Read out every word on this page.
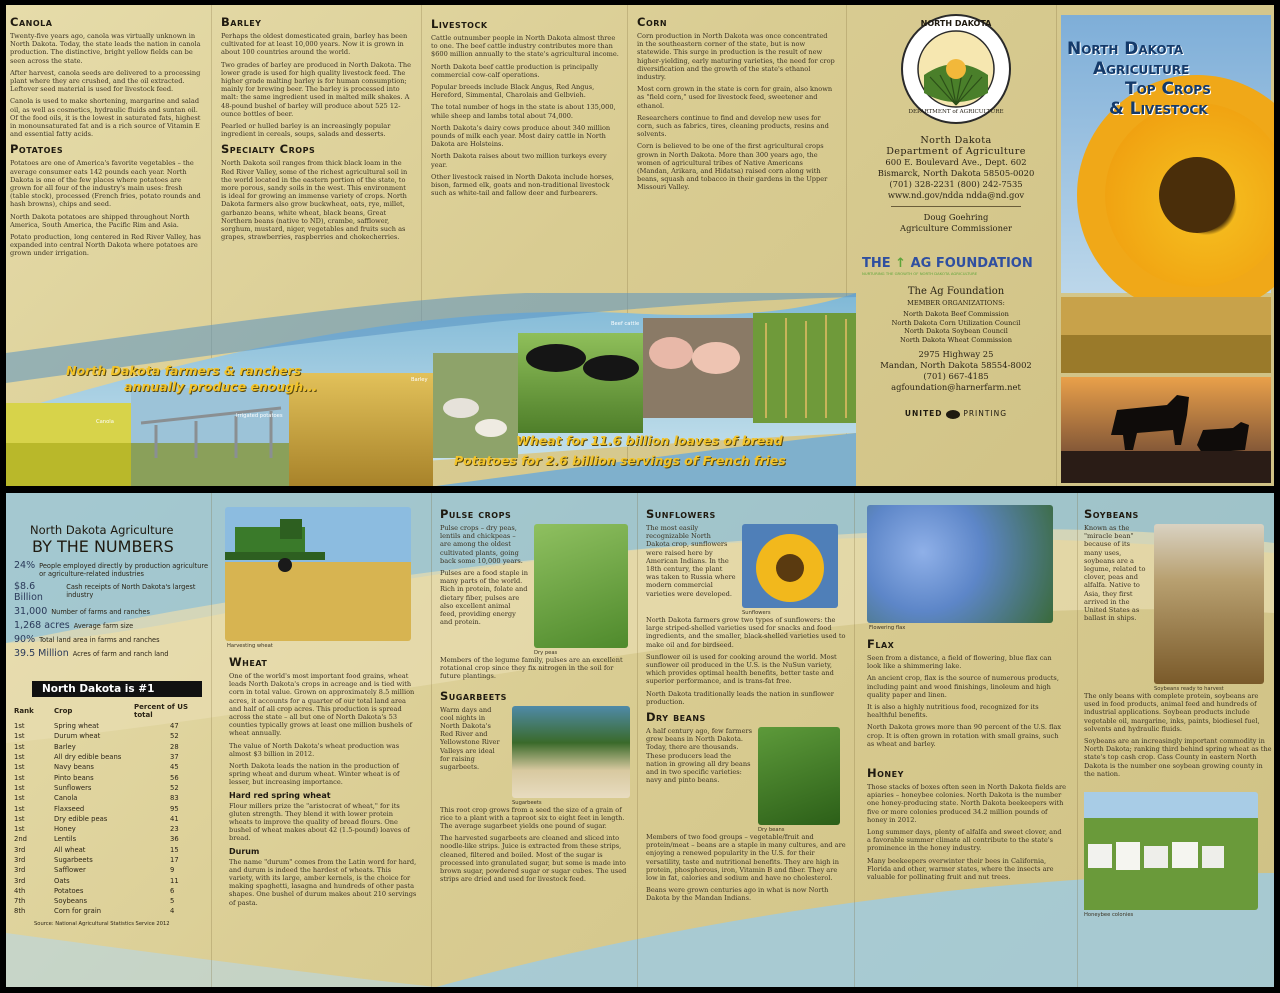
Canola
Twenty-five years ago, canola was virtually unknown in North Dakota. Today, the state leads the nation in canola production. The distinctive, bright yellow fields can be seen across the state.
After harvest, canola seeds are delivered to a processing plant where they are crushed, and the oil extracted. Leftover seed material is used for livestock feed.
Canola is used to make shortening, margarine and salad oil, as well as cosmetics, hydraulic fluids and suntan oil. Of the food oils, it is the lowest in saturated fats, highest in monounsaturated fat and is a rich source of Vitamin E and essential fatty acids.
Potatoes
Potatoes are one of America's favorite vegetables – the average consumer eats 142 pounds each year. North Dakota is one of the few places where potatoes are grown for all four of the industry's main uses: fresh (table stock), processed (French fries, potato rounds and hash browns), chips and seed.
North Dakota potatoes are shipped throughout North America, South America, the Pacific Rim and Asia.
Potato production, long centered in Red River Valley, has expanded into central North Dakota where potatoes are grown under irrigation.
Barley
Perhaps the oldest domesticated grain, barley has been cultivated for at least 10,000 years. Now it is grown in about 100 countries around the world.
Two grades of barley are produced in North Dakota. The lower grade is used for high quality livestock feed. The higher grade malting barley is for human consumption; mainly for brewing beer. The barley is processed into malt: the same ingredient used in malted milk shakes. A 48-pound bushel of barley will produce about 525 12-ounce bottles of beer.
Pearled or hulled barley is an increasingly popular ingredient in cereals, soups, salads and desserts.
Specialty Crops
North Dakota soil ranges from thick black loam in the Red River Valley, some of the richest agricultural soil in the world located in the eastern portion of the state, to more porous, sandy soils in the west. This environment is ideal for growing an immense variety of crops. North Dakota farmers also grow buckwheat, oats, rye, millet, garbanzo beans, white wheat, black beans, Great Northern beans (native to ND), crambe, safflower, sorghum, mustard, niger, vegetables and fruits such as grapes, strawberries, raspberries and chokecherries.
Livestock
Cattle outnumber people in North Dakota almost three to one. The beef cattle industry contributes more than $600 million annually to the state's agricultural income.
North Dakota beef cattle production is principally commercial cow-calf operations.
Popular breeds include Black Angus, Red Angus, Hereford, Simmental, Charolais and Gelbvieh.
The total number of hogs in the state is about 135,000, while sheep and lambs total about 74,000.
North Dakota's dairy cows produce about 340 million pounds of milk each year. Most dairy cattle in North Dakota are Holsteins.
North Dakota raises about two million turkeys every year.
Other livestock raised in North Dakota include horses, bison, farmed elk, goats and non-traditional livestock such as white-tail and fallow deer and furbearers.
Corn
Corn production in North Dakota was once concentrated in the southeastern corner of the state, but is now statewide. This surge in production is the result of new higher-yielding, early maturing varieties, the need for crop diversification and the growth of the state's ethanol industry.
Most corn grown in the state is corn for grain, also known as "field corn," used for livestock feed, sweetener and ethanol.
Researchers continue to find and develop new uses for corn, such as fabrics, tires, cleaning products, resins and solvents.
Corn is believed to be one of the first agricultural crops grown in North Dakota. More than 300 years ago, the women of agricultural tribes of Native Americans (Mandan, Arikara, and Hidatsa) raised corn along with beans, squash and tobacco in their gardens in the Upper Missouri Valley.
North Dakota farmers & ranchers
annually produce enough...
Wheat for 11.6 billion loaves of bread
Potatoes for 2.6 billion servings of French fries
Canola
Irrigated potatoes
Barley
Beef cattle
NORTH DAKOTA
DEPARTMENT of AGRICULTURE
North Dakota
Department of Agriculture
600 E. Boulevard Ave., Dept. 602
Bismarck, North Dakota 58505-0020
(701) 328-2231 (800) 242-7535
www.nd.gov/ndda ndda@nd.gov
Doug Goehring
Agriculture Commissioner
THE ↑ AG FOUNDATION
NURTURING THE GROWTH OF NORTH DAKOTA AGRICULTURE
The Ag Foundation
MEMBER ORGANIZATIONS:
North Dakota Beef Commission
North Dakota Corn Utilization Council
North Dakota Soybean Council
North Dakota Wheat Commission
2975 Highway 25
Mandan, North Dakota 58554-8002
(701) 667-4185
agfoundation@harnerfarm.net
UNITED	PRINTING
North Dakota
Agriculture
Top Crops
& Livestock
North Dakota Agriculture
BY THE NUMBERS
24% People employed directly by production agriculture or agriculture-related industries
$8.6 Billion
Cash receipts of North Dakota's largest industry
31,000 Number of farms and ranches
1,268 acres Average farm size
90% Total land area in farms and ranches
39.5 Million Acres of farm and ranch land
North Dakota is #1
Rank	Crop	Percent of US total
1st	Spring wheat	47
1st	Durum wheat	52
1st	Barley	28
1st	All dry edible beans	37
1st	Navy beans	45
1st	Pinto beans	56
1st	Sunflowers	52
1st	Canola	83
1st	Flaxseed	95
1st	Dry edible peas	41
1st	Honey	23
2nd	Lentils	36
3rd	All wheat	15
3rd	Sugarbeets	17
3rd	Safflower	9
3rd	Oats	11
4th	Potatoes	6
7th	Soybeans	5
8th	Corn for grain	4
Source: National Agricultural Statistics Service 2012
Harvesting wheat
Wheat
One of the world's most important food grains, wheat leads North Dakota's crops in acreage and is tied with corn in total value. Grown on approximately 8.5 million acres, it accounts for a quarter of our total land area and half of all crop acres. This production is spread across the state – all but one of North Dakota's 53 counties typically grows at least one million bushels of wheat annually.
The value of North Dakota's wheat production was almost $3 billion in 2012.
North Dakota leads the nation in the production of spring wheat and durum wheat. Winter wheat is of lesser, but increasing importance.
Hard red spring wheat
Flour millers prize the "aristocrat of wheat," for its gluten strength. They blend it with lower protein wheats to improve the quality of bread flours. One bushel of wheat makes about 42 (1.5-pound) loaves of bread.
Durum
The name "durum" comes from the Latin word for hard, and durum is indeed the hardest of wheats. This variety, with its large, amber kernels, is the choice for making spaghetti, lasagna and hundreds of other pasta shapes. One bushel of durum makes about 210 servings of pasta.
Pulse crops
Pulse crops – dry peas, lentils and chickpeas – are among the oldest cultivated plants, going back some 10,000 years.
Pulses are a food staple in many parts of the world. Rich in protein, folate and dietary fiber, pulses are also excellent animal feed, providing energy and protein.
Dry peas
Members of the legume family, pulses are an excellent rotational crop since they fix nitrogen in the soil for future plantings.
Sugarbeets
Warm days and cool nights in North Dakota's Red River and Yellowstone River Valleys are ideal for raising sugarbeets.
Sugarbeets
This root crop grows from a seed the size of a grain of rice to a plant with a taproot six to eight feet in length. The average sugarbeet yields one pound of sugar.
The harvested sugarbeets are cleaned and sliced into noodle-like strips. Juice is extracted from these strips, cleaned, filtered and boiled. Most of the sugar is processed into granulated sugar, but some is made into brown sugar, powdered sugar or sugar cubes. The used strips are dried and used for livestock feed.
Sunflowers
The most easily recognizable North Dakota crop, sunflowers were raised here by American Indians. In the 18th century, the plant was taken to Russia where modern commercial varieties were developed.
Sunflowers
North Dakota farmers grow two types of sunflowers: the large striped-shelled varieties used for snacks and food ingredients, and the smaller, black-shelled varieties used to make oil and for birdseed.
Sunflower oil is used for cooking around the world. Most sunflower oil produced in the U.S. is the NuSun variety, which provides optimal health benefits, better taste and superior performance, and is trans-fat free.
North Dakota traditionally leads the nation in sunflower production.
Dry beans
A half century ago, few farmers grew beans in North Dakota. Today, there are thousands. These producers lead the nation in growing all dry beans and in two specific varieties: navy and pinto beans.
Dry beans
Members of two food groups – vegetable/fruit and protein/meat – beans are a staple in many cultures, and are enjoying a renewed popularity in the U.S. for their versatility, taste and nutritional benefits. They are high in protein, phosphorous, iron, Vitamin B and fiber. They are low in fat, calories and sodium and have no cholesterol.
Beans were grown centuries ago in what is now North Dakota by the Mandan Indians.
Flowering flax
Flax
Seen from a distance, a field of flowering, blue flax can look like a shimmering lake.
An ancient crop, flax is the source of numerous products, including paint and wood finishings, linoleum and high quality paper and linen.
It is also a highly nutritious food, recognized for its healthful benefits.
North Dakota grows more than 90 percent of the U.S. flax crop. It is often grown in rotation with small grains, such as wheat and barley.
Honey
Those stacks of boxes often seen in North Dakota fields are apiaries – honeybee colonies. North Dakota is the number one honey-producing state. North Dakota beekeepers with five or more colonies produced 34.2 million pounds of honey in 2012.
Long summer days, plenty of alfalfa and sweet clover, and a favorable summer climate all contribute to the state's prominence in the honey industry.
Many beekeepers overwinter their bees in California, Florida and other, warmer states, where the insects are valuable for pollinating fruit and nut trees.
Soybeans
Known as the "miracle bean" because of its many uses, soybeans are a legume, related to clover, peas and alfalfa. Native to Asia, they first arrived in the United States as ballast in ships.
Soybeans ready to harvest
The only beans with complete protein, soybeans are used in food products, animal feed and hundreds of industrial applications. Soybean products include vegetable oil, margarine, inks, paints, biodiesel fuel, solvents and hydraulic fluids.
Soybeans are an increasingly important commodity in North Dakota; ranking third behind spring wheat as the state's top cash crop. Cass County in eastern North Dakota is the number one soybean growing county in the nation.
Honeybee colonies
